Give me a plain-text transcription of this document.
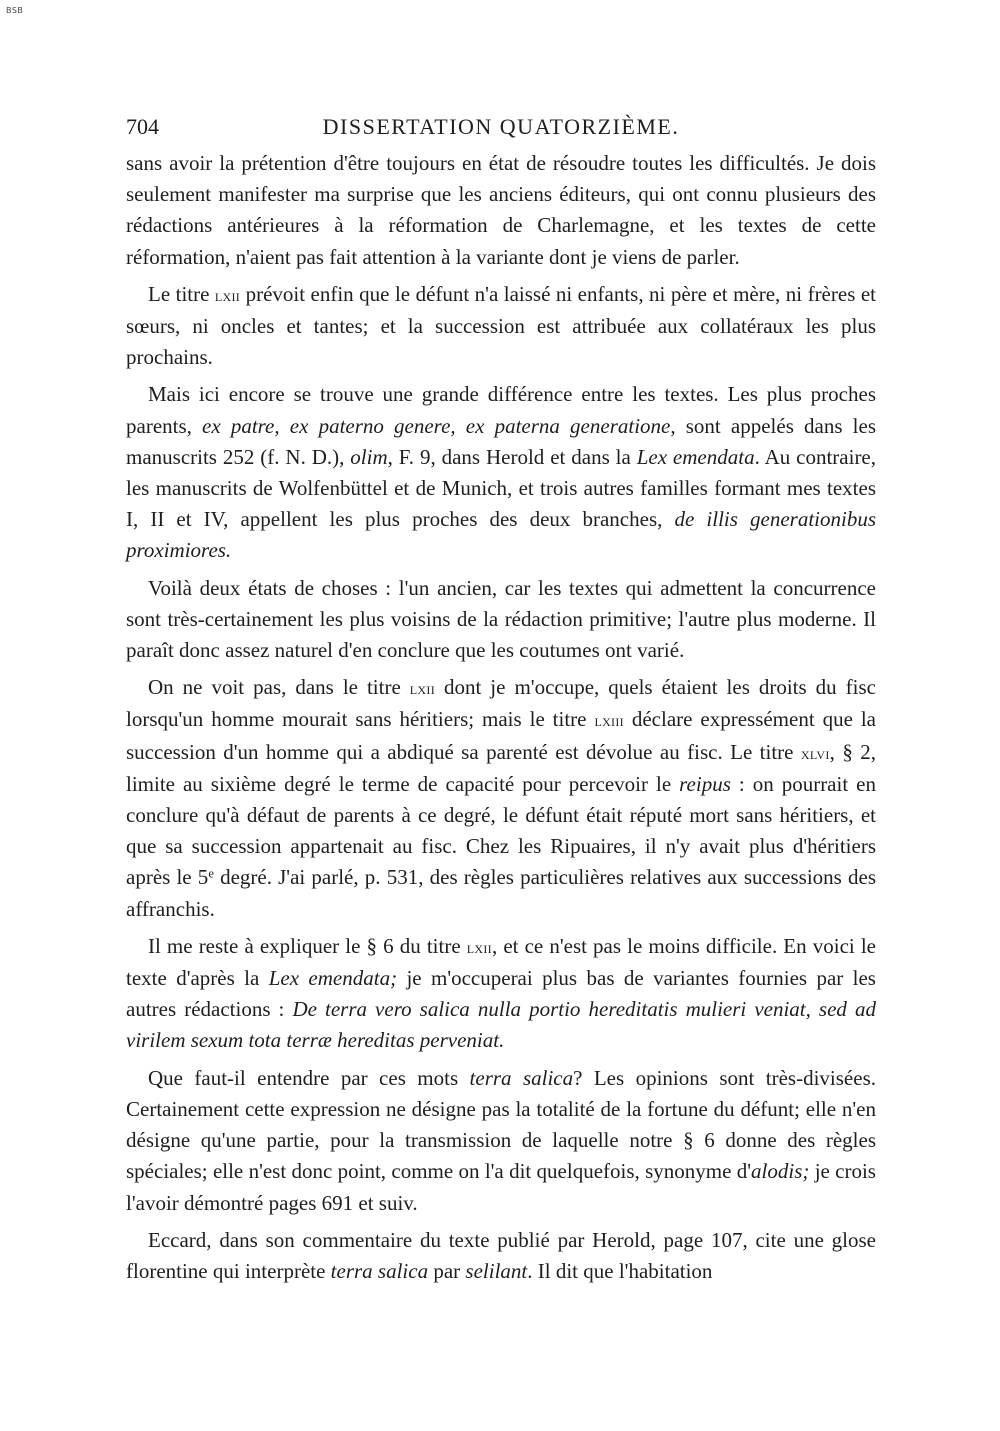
BSB
704	DISSERTATION QUATORZIÈME.

sans avoir la prétention d'être toujours en état de résoudre toutes les difficultés. Je dois seulement manifester ma surprise que les anciens éditeurs, qui ont connu plusieurs des rédactions antérieures à la réformation de Charlemagne, et les textes de cette réformation, n'aient pas fait attention à la variante dont je viens de parler.

Le titre lxii prévoit enfin que le défunt n'a laissé ni enfants, ni père et mère, ni frères et sœurs, ni oncles et tantes; et la succession est attribuée aux collatéraux les plus prochains.

Mais ici encore se trouve une grande différence entre les textes. Les plus proches parents, ex patre, ex paterno genere, ex paterna generatione, sont appelés dans les manuscrits 252 (f. N. D.), olim, F. 9, dans Herold et dans la Lex emendata. Au contraire, les manuscrits de Wolfenbüttel et de Munich, et trois autres familles formant mes textes I, II et IV, appellent les plus proches des deux branches, de illis generationibus proximiores.

Voilà deux états de choses : l'un ancien, car les textes qui admettent la concurrence sont très-certainement les plus voisins de la rédaction primitive; l'autre plus moderne. Il paraît donc assez naturel d'en conclure que les coutumes ont varié.

On ne voit pas, dans le titre lxii dont je m'occupe, quels étaient les droits du fisc lorsqu'un homme mourait sans héritiers; mais le titre lxiii déclare expressément que la succession d'un homme qui a abdiqué sa parenté est dévolue au fisc. Le titre xlvi, § 2, limite au sixième degré le terme de capacité pour percevoir le reipus : on pourrait en conclure qu'à défaut de parents à ce degré, le défunt était réputé mort sans héritiers, et que sa succession appartenait au fisc. Chez les Ripuaires, il n'y avait plus d'héritiers après le 5e degré. J'ai parlé, p. 531, des règles particulières relatives aux successions des affranchis.

Il me reste à expliquer le § 6 du titre lxii, et ce n'est pas le moins difficile. En voici le texte d'après la Lex emendata; je m'occuperai plus bas de variantes fournies par les autres rédactions : De terra vero salica nulla portio hereditatis mulieri veniat, sed ad virilem sexum tota terræ hereditas perveniat.

Que faut-il entendre par ces mots terra salica? Les opinions sont très-divisées. Certainement cette expression ne désigne pas la totalité de la fortune du défunt; elle n'en désigne qu'une partie, pour la transmission de laquelle notre § 6 donne des règles spéciales; elle n'est donc point, comme on l'a dit quelquefois, synonyme d'alodis; je crois l'avoir démontré pages 691 et suiv.

Eccard, dans son commentaire du texte publié par Herold, page 107, cite une glose florentine qui interprète terra salica par selilant. Il dit que l'habitation
